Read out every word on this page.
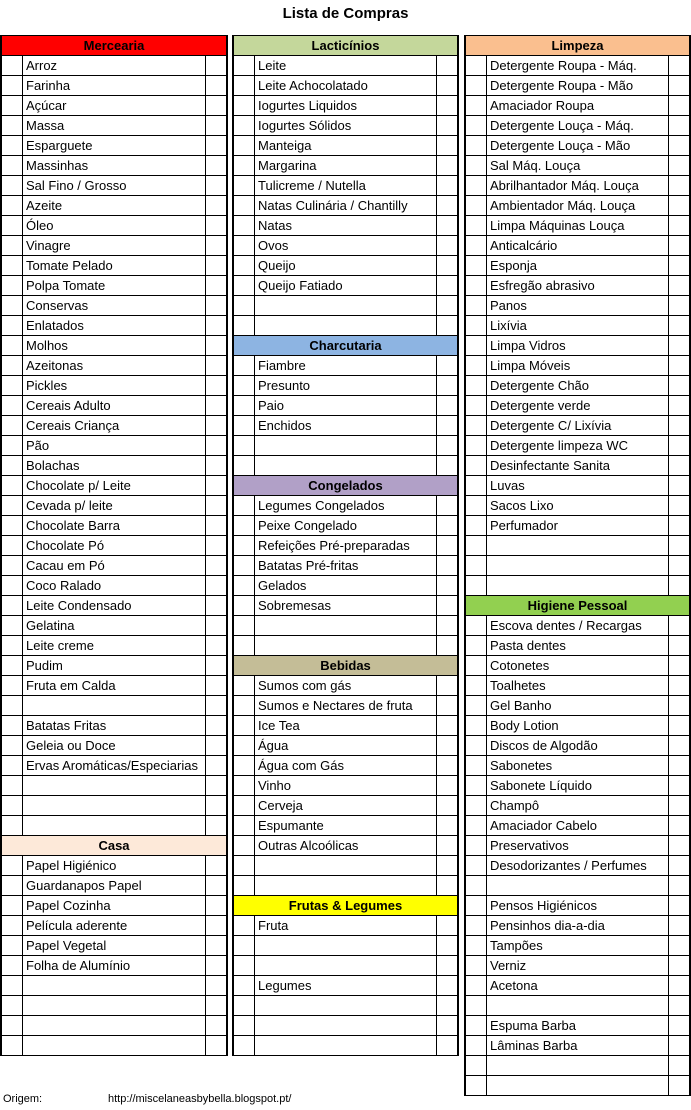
Lista de Compras
Mercearia
Arroz
Farinha
Açúcar
Massa
Esparguete
Massinhas
Sal Fino / Grosso
Azeite
Óleo
Vinagre
Tomate Pelado
Polpa Tomate
Conservas
Enlatados
Molhos
Azeitonas
Pickles
Cereais Adulto
Cereais Criança
Pão
Bolachas
Chocolate p/ Leite
Cevada p/ leite
Chocolate Barra
Chocolate Pó
Cacau em Pó
Coco Ralado
Leite Condensado
Gelatina
Leite creme
Pudim
Fruta em Calda
Batatas Fritas
Geleia ou Doce
Ervas Aromáticas/Especiarias
Casa
Papel Higiénico
Guardanapos Papel
Papel Cozinha
Película aderente
Papel Vegetal
Folha de Alumínio
Lacticínios
Leite
Leite Achocolatado
Iogurtes Liquidos
Iogurtes Sólidos
Manteiga
Margarina
Tulicreme / Nutella
Natas Culinária / Chantilly
Natas
Ovos
Queijo
Queijo Fatiado
Charcutaria
Fiambre
Presunto
Paio
Enchidos
Congelados
Legumes Congelados
Peixe Congelado
Refeições Pré-preparadas
Batatas Pré-fritas
Gelados
Sobremesas
Bebidas
Sumos com gás
Sumos e Nectares de fruta
Ice Tea
Água
Água com Gás
Vinho
Cerveja
Espumante
Outras Alcoólicas
Frutas & Legumes
Fruta
Legumes
Limpeza
Detergente Roupa - Máq.
Detergente Roupa - Mão
Amaciador Roupa
Detergente Louça - Máq.
Detergente Louça - Mão
Sal Máq. Louça
Abrilhantador Máq. Louça
Ambientador Máq. Louça
Limpa Máquinas Louça
Anticalcário
Esponja
Esfregão abrasivo
Panos
Lixívia
Limpa Vidros
Limpa Móveis
Detergente Chão
Detergente verde
Detergente C/ Lixívia
Detergente limpeza WC
Desinfectante Sanita
Luvas
Sacos Lixo
Perfumador
Higiene Pessoal
Escova dentes / Recargas
Pasta dentes
Cotonetes
Toalhetes
Gel Banho
Body Lotion
Discos de Algodão
Sabonetes
Sabonete Líquido
Champô
Amaciador Cabelo
Preservativos
Desodorizantes / Perfumes
Pensos Higiénicos
Pensinhos dia-a-dia
Tampões
Verniz
Acetona
Espuma Barba
Lâminas Barba
Origem:	http://miscelaneasbybella.blogspot.pt/
